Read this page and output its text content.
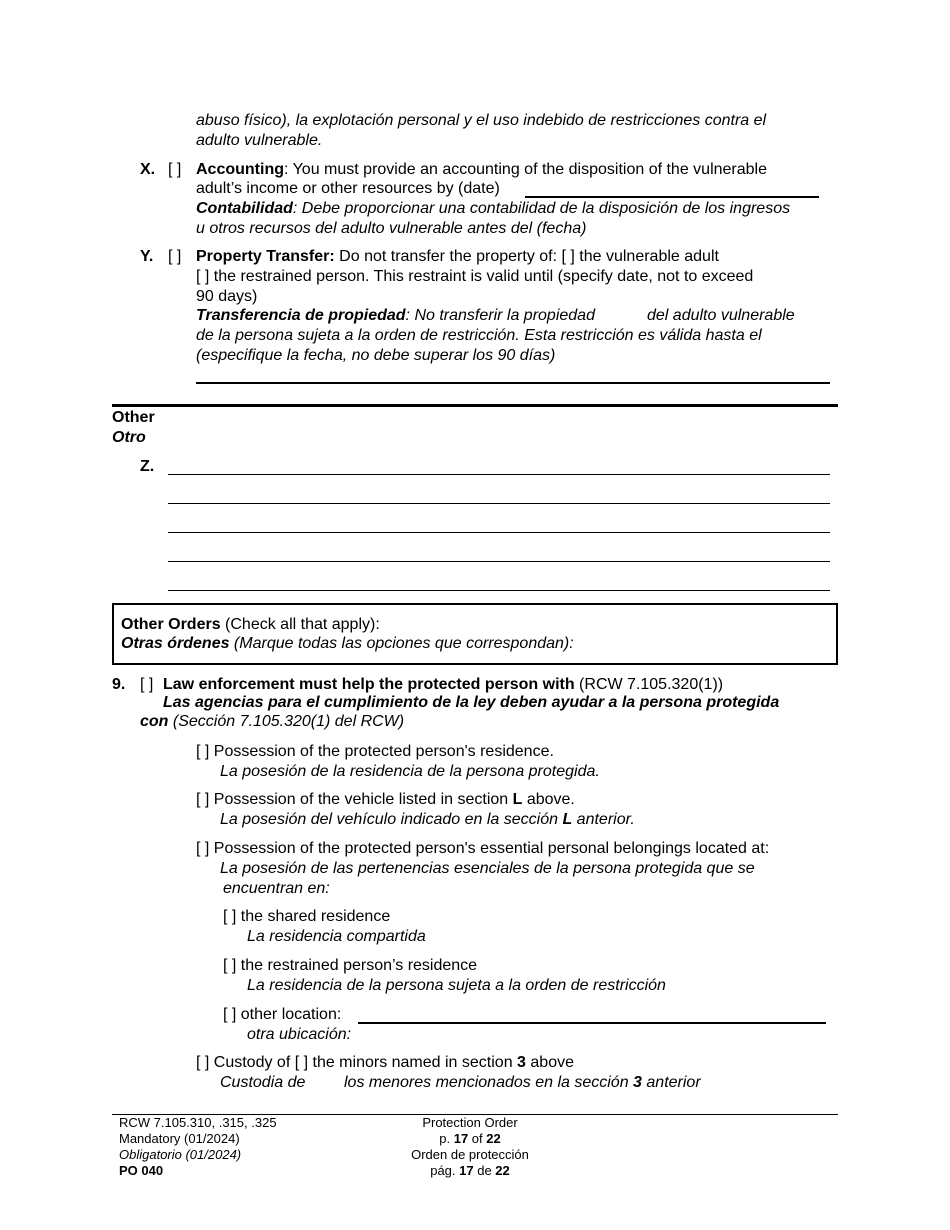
abuso físico), la explotación personal y el uso indebido de restricciones contra el
adulto vulnerable.
X. [ ] Accounting: You must provide an accounting of the disposition of the vulnerable
adult’s income or other resources by (date)
Contabilidad: Debe proporcionar una contabilidad de la disposición de los ingresos
u otros recursos del adulto vulnerable antes del (fecha)
Y. [ ] Property Transfer: Do not transfer the property of: [ ] the vulnerable adult
[ ] the restrained person. This restraint is valid until (specify date, not to exceed
90 days)
Transferencia de propiedad: No transferir la propiedad	del adulto vulnerable
de la persona sujeta a la orden de restricción. Esta restricción es válida hasta el
(especifique la fecha, no debe superar los 90 días)
Other
Otro
Z.
Other Orders (Check all that apply):
Otras órdenes (Marque todas las opciones que correspondan):
9. [ ] Law enforcement must help the protected person with (RCW 7.105.320(1))
Las agencias para el cumplimiento de la ley deben ayudar a la persona protegida
con (Sección 7.105.320(1) del RCW)
[ ] Possession of the protected person's residence.
La posesión de la residencia de la persona protegida.
[ ] Possession of the vehicle listed in section L above.
La posesión del vehículo indicado en la sección L anterior.
[ ] Possession of the protected person's essential personal belongings located at:
La posesión de las pertenencias esenciales de la persona protegida que se
encuentran en:
[ ] the shared residence
La residencia compartida
[ ] the restrained person’s residence
La residencia de la persona sujeta a la orden de restricción
[ ] other location:
otra ubicación:
[ ] Custody of [ ] the minors named in section 3 above
Custodia de los menores mencionados en la sección 3 anterior
RCW 7.105.310, .315, .325
Mandatory (01/2024)
Obligatorio (01/2024)
PO 040
Protection Order
p. 17 of 22
Orden de protección
pág. 17 de 22
